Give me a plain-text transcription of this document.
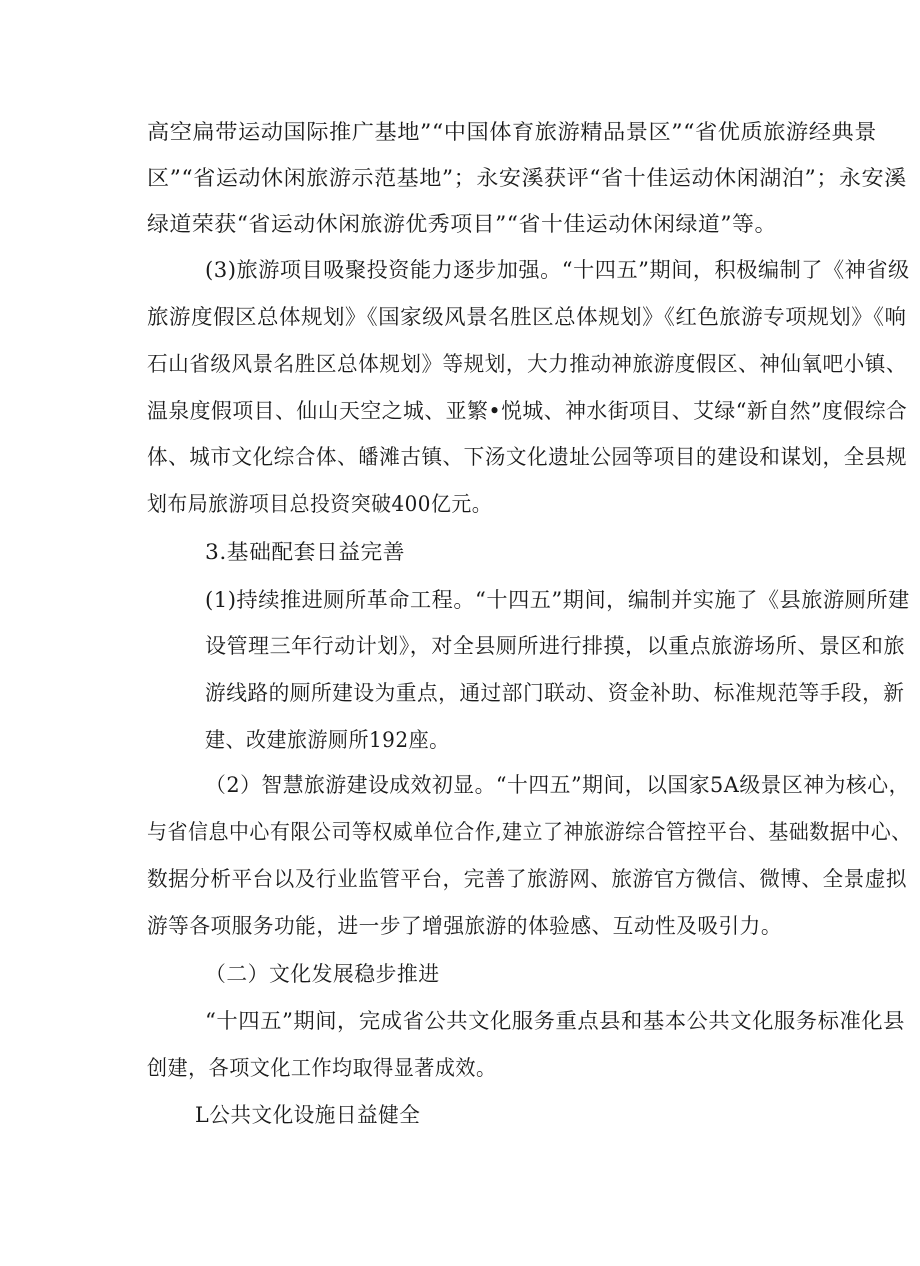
高空扁带运动国际推广基地”“中国体育旅游精品景区”“省优质旅游经典景
区”“省运动休闲旅游示范基地”；永安溪获评“省十佳运动休闲湖泊”；永安溪
绿道荣获“省运动休闲旅游优秀项目”“省十佳运动休闲绿道”等。
(3)旅游项目吸聚投资能力逐步加强。“十四五”期间，积极编制了《神省级
旅游度假区总体规划》《国家级风景名胜区总体规划》《红色旅游专项规划》《响
石山省级风景名胜区总体规划》等规划，大力推动神旅游度假区、神仙氧吧小镇、
温泉度假项目、仙山天空之城、亚繁•悦城、神水街项目、艾绿“新自然”度假综合
体、城市文化综合体、皤滩古镇、下汤文化遗址公园等项目的建设和谋划，全县规
划布局旅游项目总投资突破400亿元。
3.基础配套日益完善
(1)持续推进厕所革命工程。“十四五”期间，编制并实施了《县旅游厕所建
设管理三年行动计划》，对全县厕所进行排摸，以重点旅游场所、景区和旅
游线路的厕所建设为重点，通过部门联动、资金补助、标准规范等手段，新
建、改建旅游厕所192座。
（2）智慧旅游建设成效初显。“十四五”期间，以国家5A级景区神为核心，
与省信息中心有限公司等权威单位合作,建立了神旅游综合管控平台、基础数据中心、
数据分析平台以及行业监管平台，完善了旅游网、旅游官方微信、微博、全景虚拟
游等各项服务功能，进一步了增强旅游的体验感、互动性及吸引力。
（二）文化发展稳步推进
“十四五”期间，完成省公共文化服务重点县和基本公共文化服务标准化县
创建，各项文化工作均取得显著成效。
L公共文化设施日益健全
